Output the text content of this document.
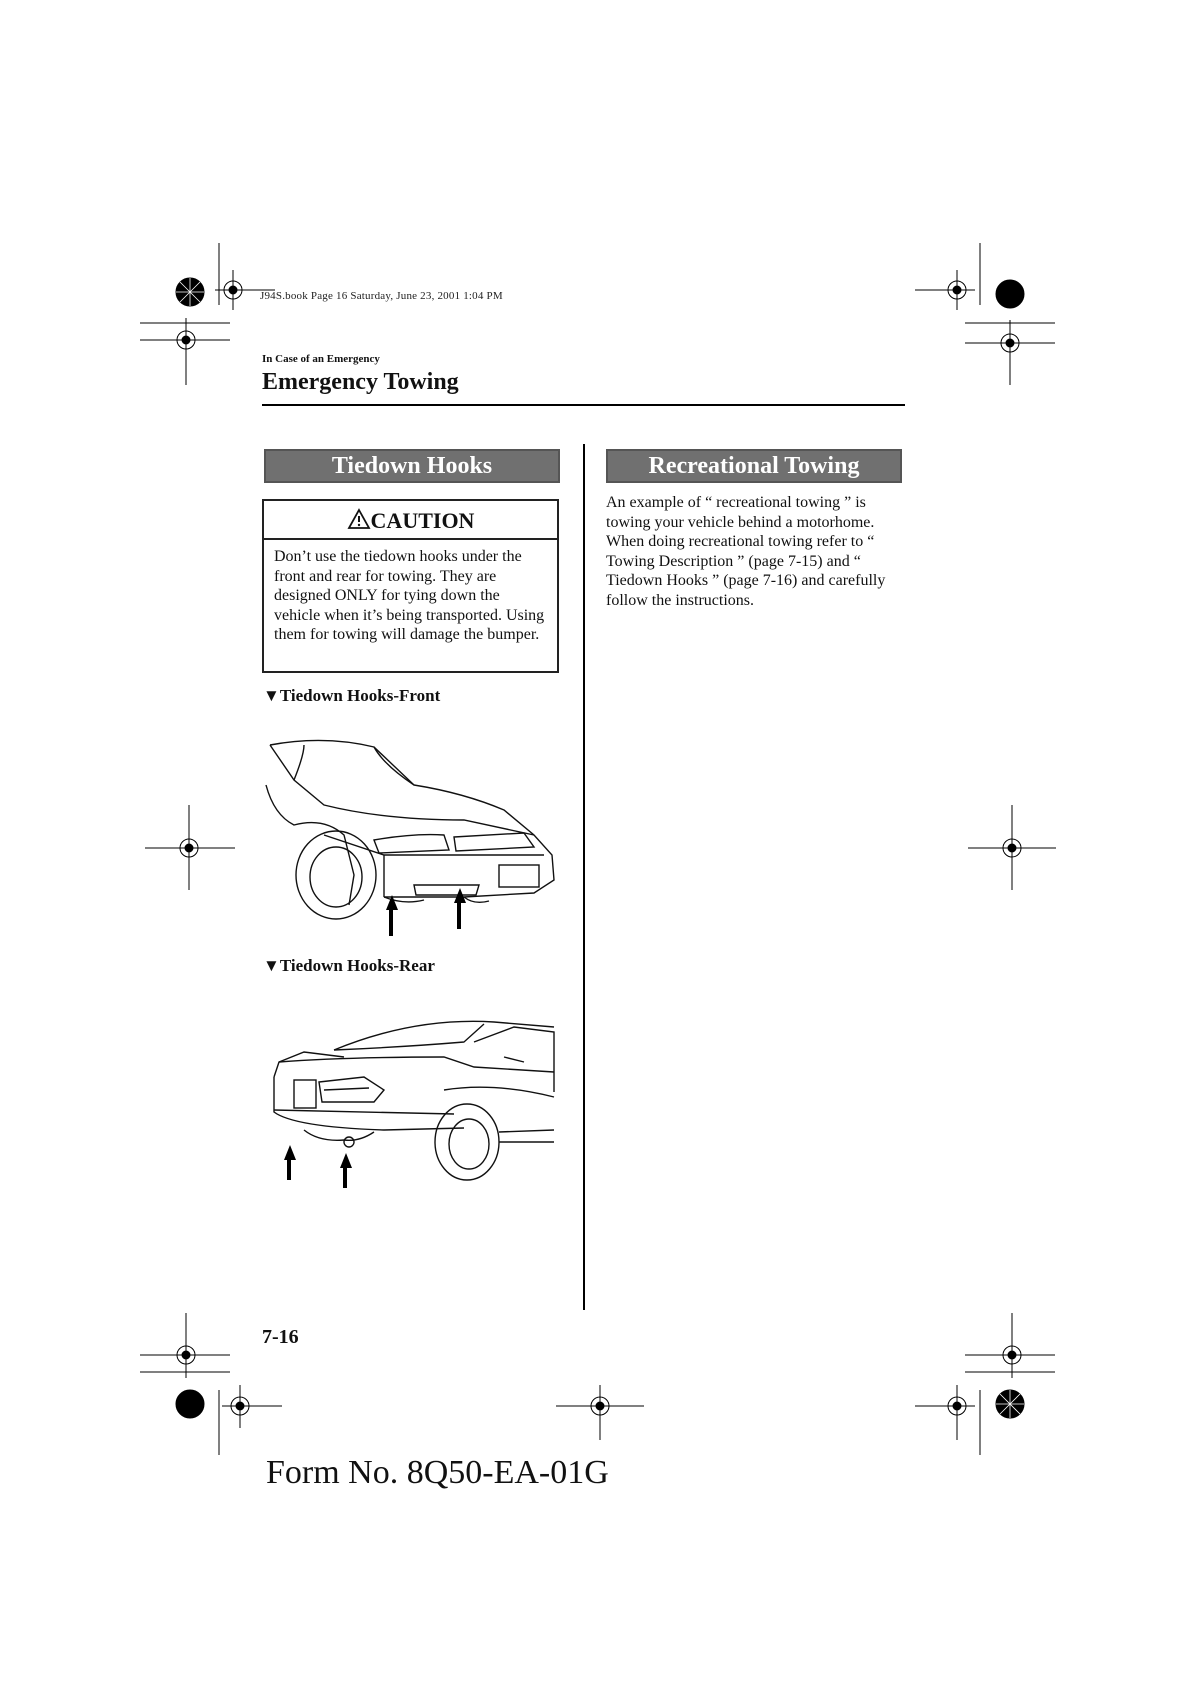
J94S.book Page 16 Saturday, June 23, 2001 1:04 PM
In Case of an Emergency
Emergency Towing
Tiedown Hooks
CAUTION
Don’t use the tiedown hooks under the front and rear for towing. They are designed ONLY for tying down the vehicle when it’s being transported. Using them for towing will damage the bumper.
▼Tiedown Hooks-Front
▼Tiedown Hooks-Rear
Recreational Towing
An example of “ recreational towing ” is towing your vehicle behind a motorhome. When doing recreational towing refer to “ Towing Description ” (page 7-15) and “ Tiedown Hooks ” (page 7-16) and carefully follow the instructions.
7-16
Form No. 8Q50-EA-01G
